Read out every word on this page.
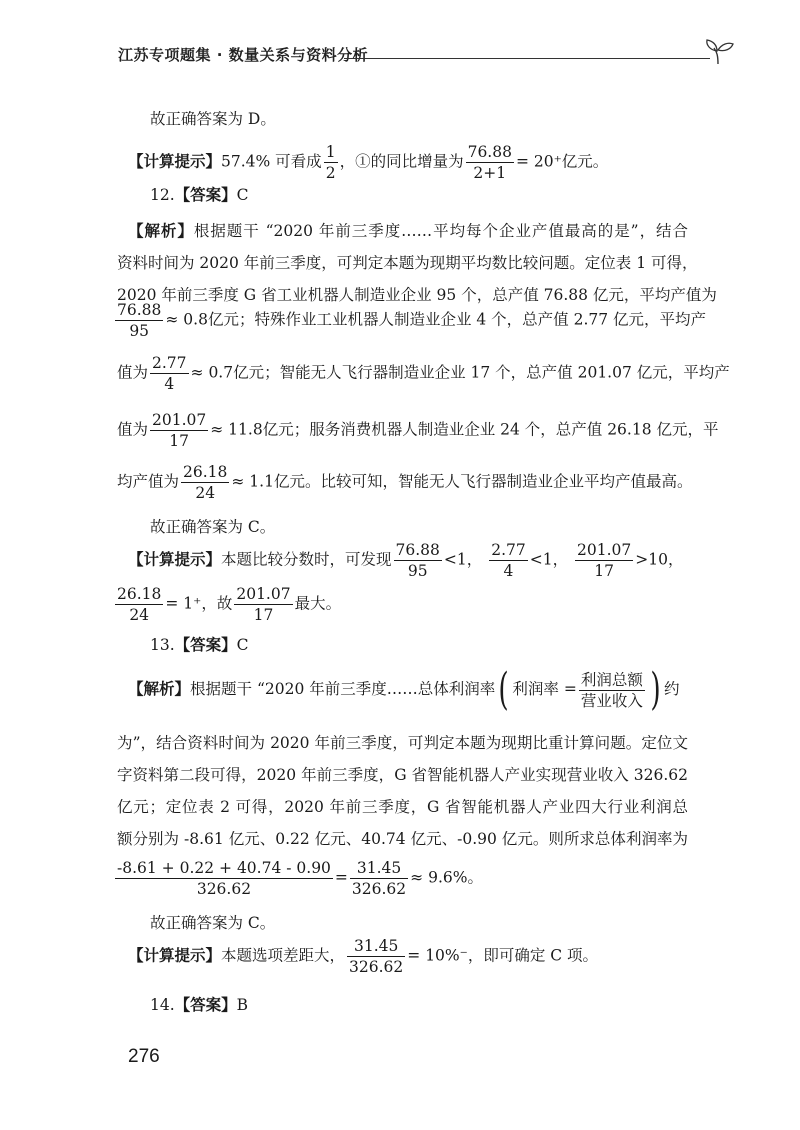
江苏专项题集 · 数量关系与资料分析
故正确答案为 D。
【计算提示】57.4% 可看成 $\frac{1}{2}$ ，①的同比增量为 $\frac{76.88}{2+1} = 20^+$亿元。
12.【答案】C
【解析】根据题干 “2020 年前三季度……平均每个企业产值最高的是”，结合
资料时间为 2020 年前三季度，可判定本题为现期平均数比较问题。定位表 1 可得，
2020 年前三季度 G 省工业机器人制造业企业 95 个，总产值 76.88 亿元，平均产值为
$\frac{76.88}{95} \approx 0.8$亿元；特殊作业工业机器人制造业企业 4 个，总产值 2.77 亿元，平均产
值为 $\frac{2.77}{4} \approx 0.7$亿元；智能无人飞行器制造业企业 17 个，总产值 201.07 亿元，平均产
值为 $\frac{201.07}{17} \approx 11.8$亿元；服务消费机器人制造业企业 24 个，总产值 26.18 亿元，平
均产值为 $\frac{26.18}{24} \approx 1.1$亿元。比较可知，智能无人飞行器制造业企业平均产值最高。
故正确答案为 C。
【计算提示】本题比较分数时，可发现 $\frac{76.88}{95} <1$， $\frac{2.77}{4} <1$， $\frac{201.07}{17} >10$，
$\frac{26.18}{24} = 1^+$，故 $\frac{201.07}{17}$ 最大。
13.【答案】C
【解析】根据题干 “2020 年前三季度……总体利润率( 利润率 = $\frac{\text{利润总额}}{\text{营业收入}}$ ) 约
为”，结合资料时间为 2020 年前三季度，可判定本题为现期比重计算问题。定位文
字资料第二段可得，2020 年前三季度，G 省智能机器人产业实现营业收入 326.62
亿元；定位表 2 可得，2020 年前三季度，G 省智能机器人产业四大行业利润总
额分别为 -8.61 亿元、0.22 亿元、40.74 亿元、-0.90 亿元。则所求总体利润率为
$\frac{-8.61 + 0.22 + 40.74 - 0.90}{326.62} = \frac{31.45}{326.62} \approx 9.6\%$。
故正确答案为 C。
【计算提示】本题选项差距大， $\frac{31.45}{326.62} = 10\%^-$，即可确定 C 项。
14.【答案】B
276
